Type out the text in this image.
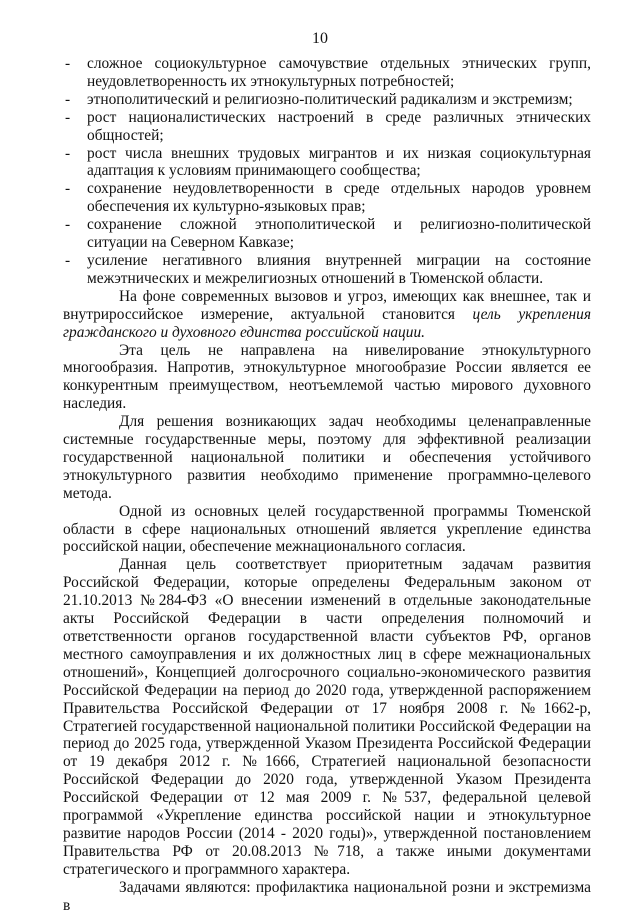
10
- сложное социокультурное самочувствие отдельных этнических групп, неудовлетворенность их этнокультурных потребностей;
- этнополитический и религиозно-политический радикализм и экстремизм;
- рост националистических настроений в среде различных этнических общностей;
- рост числа внешних трудовых мигрантов и их низкая социокультурная адаптация к условиям принимающего сообщества;
- сохранение неудовлетворенности в среде отдельных народов уровнем обеспечения их культурно-языковых прав;
- сохранение сложной этнополитической и религиозно-политической ситуации на Северном Кавказе;
- усиление негативного влияния внутренней миграции на состояние межэтнических и межрелигиозных отношений в Тюменской области.

На фоне современных вызовов и угроз, имеющих как внешнее, так и внутрироссийское измерение, актуальной становится цель укрепления гражданского и духовного единства российской нации.

Эта цель не направлена на нивелирование этнокультурного многообразия. Напротив, этнокультурное многообразие России является ее конкурентным преимуществом, неотъемлемой частью мирового духовного наследия.

Для решения возникающих задач необходимы целенаправленные системные государственные меры, поэтому для эффективной реализации государственной национальной политики и обеспечения устойчивого этнокультурного развития необходимо применение программно-целевого метода.

Одной из основных целей государственной программы Тюменской области в сфере национальных отношений является укрепление единства российской нации, обеспечение межнационального согласия.

Данная цель соответствует приоритетным задачам развития Российской Федерации, которые определены Федеральным законом от 21.10.2013 №284-ФЗ «О внесении изменений в отдельные законодательные акты Российской Федерации в части определения полномочий и ответственности органов государственной власти субъектов РФ, органов местного самоуправления и их должностных лиц в сфере межнациональных отношений», Концепцией долгосрочного социально-экономического развития Российской Федерации на период до 2020 года, утвержденной распоряжением Правительства Российской Федерации от 17 ноября 2008 г. №1662-р, Стратегией государственной национальной политики Российской Федерации на период до 2025 года, утвержденной Указом Президента Российской Федерации от 19 декабря 2012 г. №1666, Стратегией национальной безопасности Российской Федерации до 2020 года, утвержденной Указом Президента Российской Федерации от 12 мая 2009 г. №537, федеральной целевой программой «Укрепление единства российской нации и этнокультурное развитие народов России (2014 - 2020 годы)», утвержденной постановлением Правительства РФ от 20.08.2013 №718, а также иными документами стратегического и программного характера.

Задачами являются: профилактика национальной розни и экстремизма в
